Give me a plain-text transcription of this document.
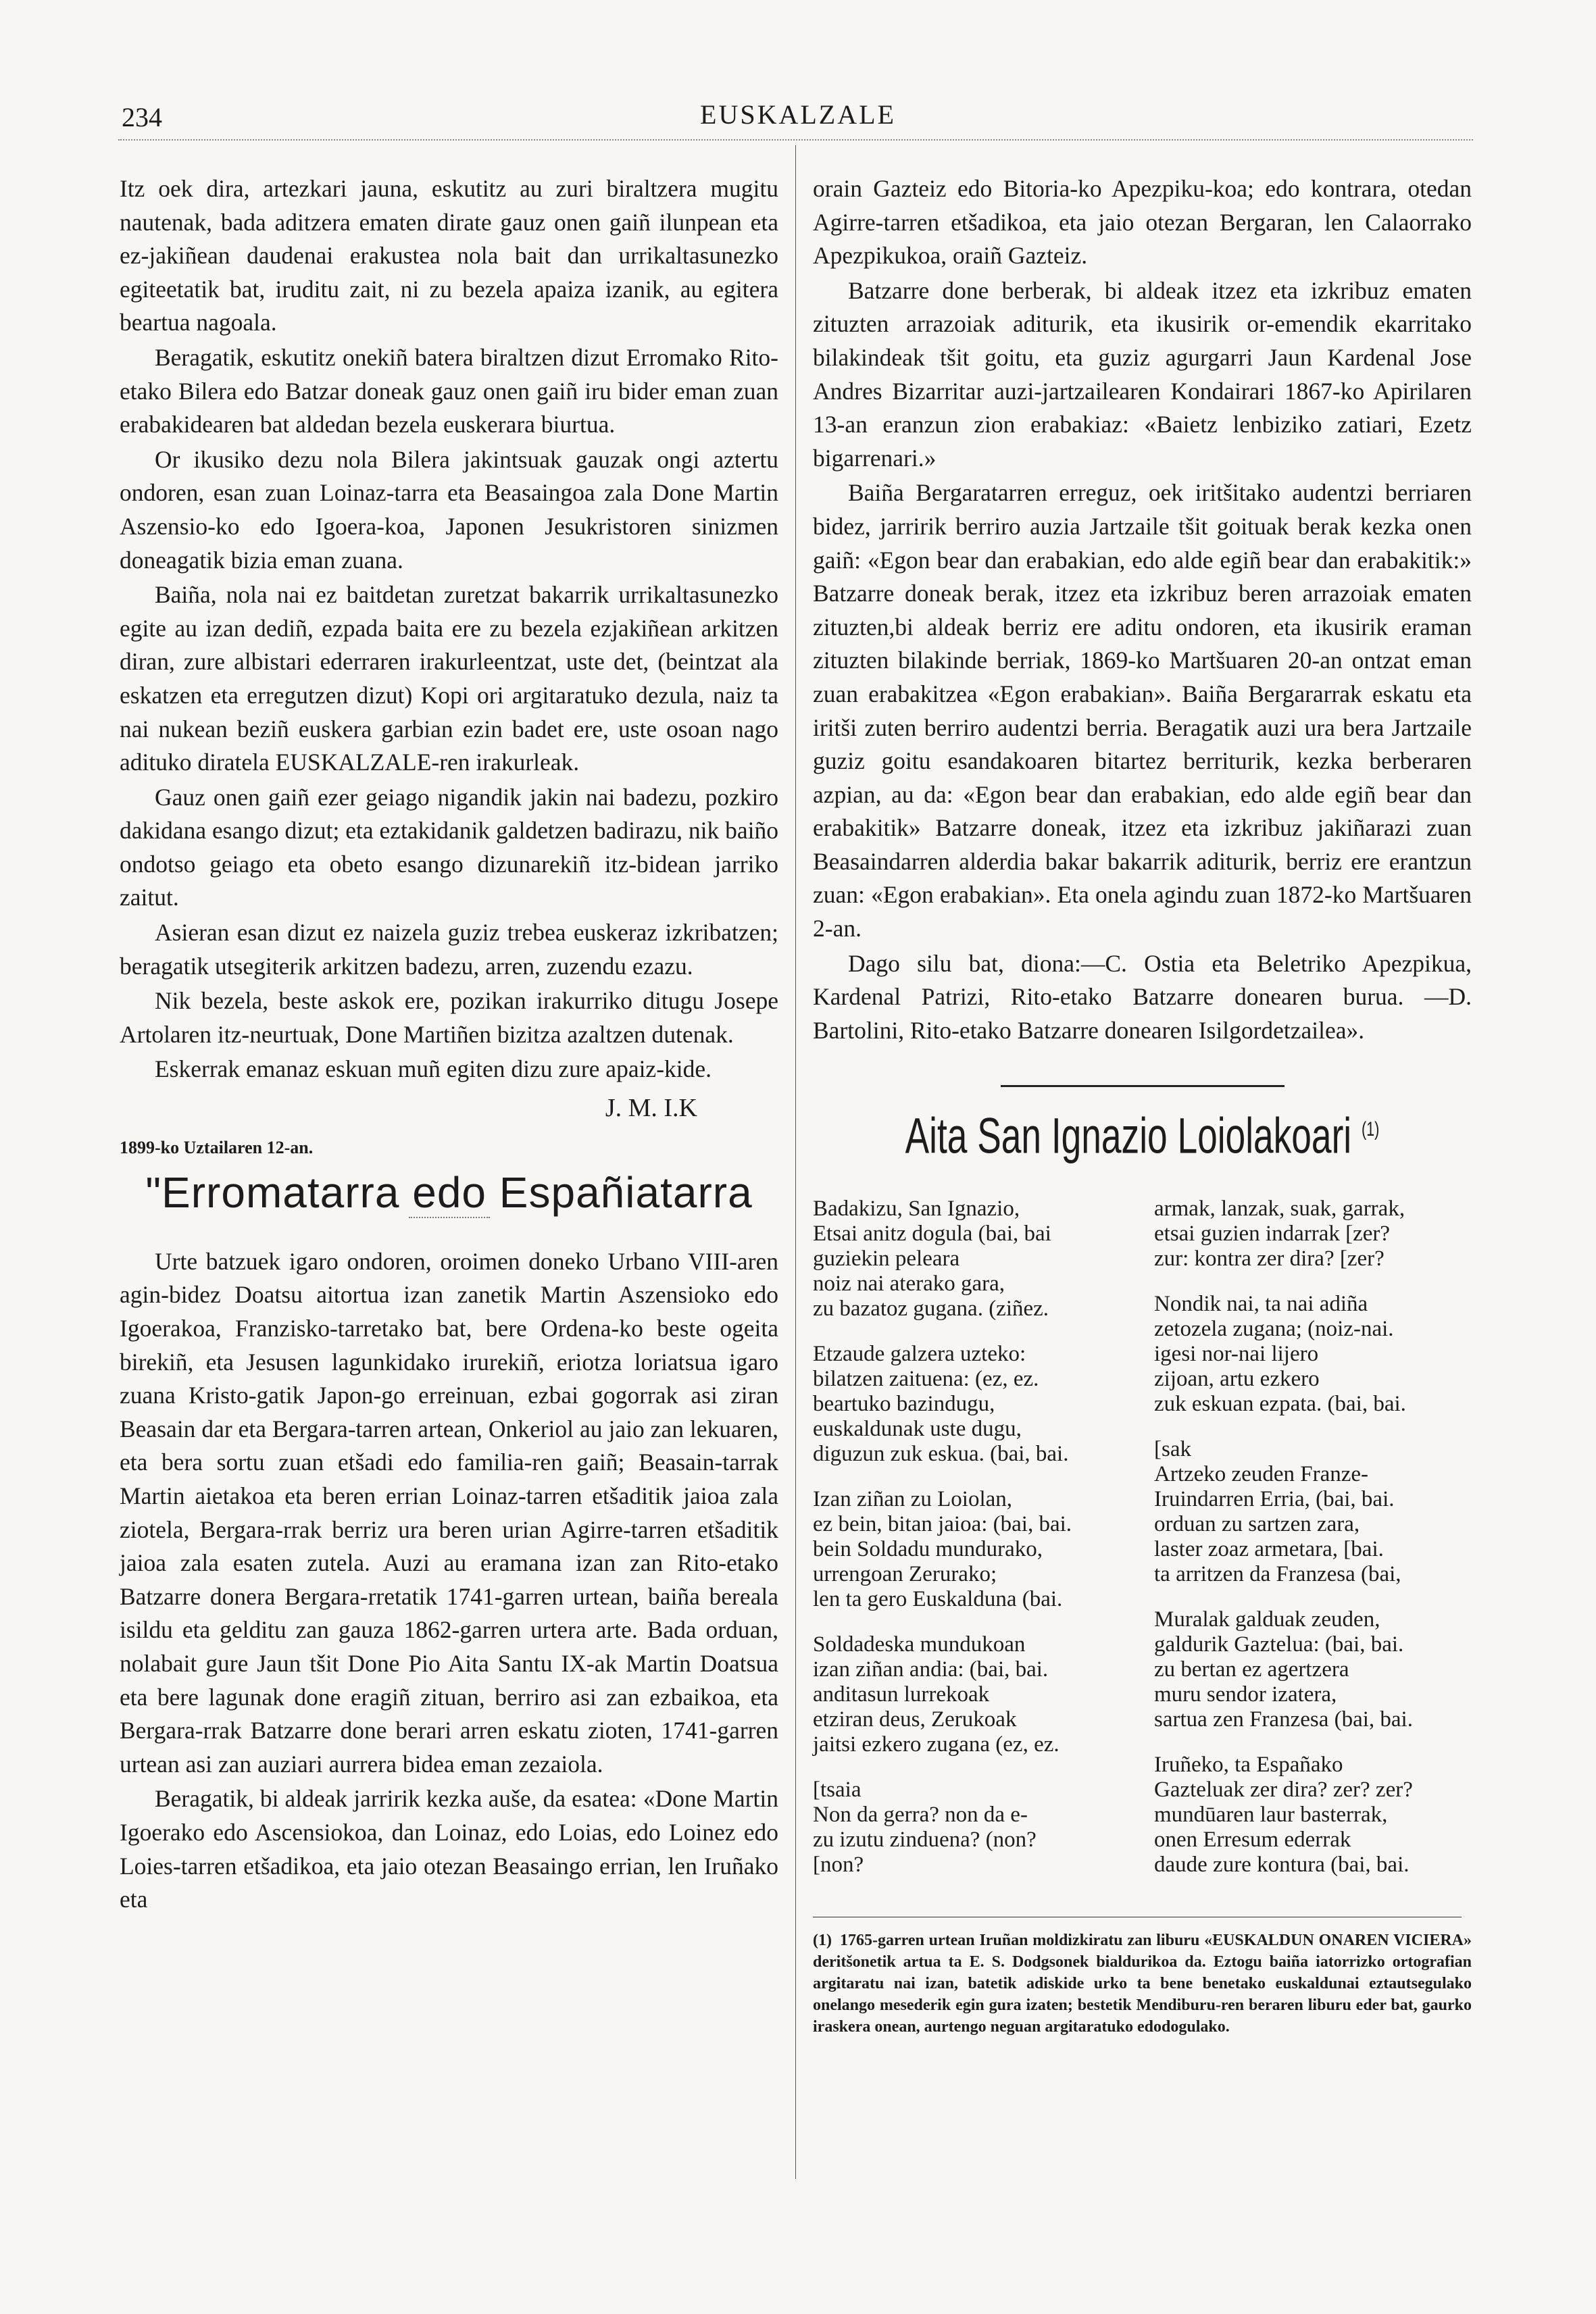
234	EUSKALZALE

Itz oek dira, artezkari jauna, eskutitz au zuri biraltzera mugitu nautenak, bada aditzera ematen dirate gauz onen gaiñ ilunpean eta ez-jakiñean daudenai erakustea nola bait dan urrikaltasunezko egiteetatik bat, iruditu zait, ni zu bezela apaiza izanik, au egitera beartua nagoala.

Beragatik, eskutitz onekiñ batera biraltzen dizut Erromako Rito-etako Bilera edo Batzar doneak gauz onen gaiñ iru bider eman zuan erabakidearen bat aldedan bezela euskerara biurtua.

Or ikusiko dezu nola Bilera jakintsuak gauzak ongi aztertu ondoren, esan zuan Loinaz-tarra eta Beasaingoa zala Done Martin Aszensio-ko edo Igoera-koa, Japonen Jesukristoren sinizmen doneagatik bizia eman zuana.

Baiña, nola nai ez baitdetan zuretzat bakarrik urrikaltasunezko egite au izan dediñ, ezpada baita ere zu bezela ezjakiñean arkitzen diran, zure albistari ederraren irakurleentzat, uste det, (beintzat ala eskatzen eta erregutzen dizut) Kopi ori argitaratuko dezula, naiz ta nai nukean beziñ euskera garbian ezin badet ere, uste osoan nago adituko diratela EUSKALZALE-ren irakurleak.

Gauz onen gaiñ ezer geiago nigandik jakin nai badezu, pozkiro dakidana esango dizut; eta eztakidanik galdetzen badirazu, nik baiño ondotso geiago eta obeto esango dizunarekiñ itz-bidean jarriko zaitut.

Asieran esan dizut ez naizela guziz trebea euskeraz izkribatzen; beragatik utsegiterik arkitzen badezu, arren, zuzendu ezazu.

Nik bezela, beste askok ere, pozikan irakurriko ditugu Josepe Artolaren itz-neurtuak, Done Martiñen bizitza azaltzen dutenak.

Eskerrak emanaz eskuan muñ egiten dizu zure apaiz-kide.

J. M. I.K
1899-ko Uztailaren 12-an.
"Erromatarra edo Españiatarra

Urte batzuek igaro ondoren, oroimen doneko Urbano VIII-aren agin-bidez Doatsu aitortua izan zanetik Martin Aszensioko edo Igoerakoa, Franzisko-tarretako bat, bere Ordena-ko beste ogeita birekiñ, eta Jesusen lagunkidako irurekiñ, eriotza loriatsua igaro zuana Kristo-gatik Japon-go erreinuan, ezbai gogorrak asi ziran Beasain dar eta Bergara-tarren artean, Onkeriol au jaio zan lekuaren, eta bera sortu zuan etšadi edo familia-ren gaiñ; Beasain-tarrak Martin aietakoa eta beren errian Loinaz-tarren etšaditik jaioa zala ziotela, Bergara-rrak berriz ura beren urian Agirre-tarren etšaditik jaioa zala esaten zutela. Auzi au eramana izan zan Rito-etako Batzarre donera Bergara-rretatik 1741-garren urtean, baiña bereala isildu eta gelditu zan gauza 1862-garren urtera arte. Bada orduan, nolabait gure Jaun tšit Done Pio Aita Santu IX-ak Martin Doatsua eta bere lagunak done eragiñ zituan, berriro asi zan ezbaikoa, eta Bergara-rrak Batzarre done berari arren eskatu zioten, 1741-garren urtean asi zan auziari aurrera bidea eman zezaiola.

Beragatik, bi aldeak jarririk kezka auše, da esatea: «Done Martin Igoerako edo Ascensiokoa, dan Loinaz, edo Loias, edo Loinez edo Loies-tarren etšadikoa, eta jaio otezan Beasaingo errian, len Iruñako eta

orain Gazteiz edo Bitoria-ko Apezpiku-koa; edo kontrara, otedan Agirre-tarren etšadikoa, eta jaio otezan Bergaran, len Calaorrako Apezpikukoa, oraiñ Gazteiz.

Batzarre done berberak, bi aldeak itzez eta izkribuz ematen zituzten arrazoiak aditurik, eta ikusirik or-emendik ekarritako bilakindeak tšit goitu, eta guziz agurgarri Jaun Kardenal Jose Andres Bizarritar auzi-jartzailearen Kondairari 1867-ko Apirilaren 13-an eranzun zion erabakiaz: «Baietz lenbiziko zatiari, Ezetz bigarrenari.»

Baiña Bergaratarren erreguz, oek iritšitako audentzi berriaren bidez, jarririk berriro auzia Jartzaile tšit goituak berak kezka onen gaiñ: «Egon bear dan erabakian, edo alde egiñ bear dan erabakitik:» Batzarre doneak berak, itzez eta izkribuz beren arrazoiak ematen zituzten,bi aldeak berriz ere aditu ondoren, eta ikusirik eraman zituzten bilakinde berriak, 1869-ko Martšuaren 20-an ontzat eman zuan erabakitzea «Egon erabakian». Baiña Bergararrak eskatu eta iritši zuten berriro audentzi berria. Beragatik auzi ura bera Jartzaile guziz goitu esandakoaren bitartez berriturik, kezka berberaren azpian, au da: «Egon bear dan erabakian, edo alde egiñ bear dan erabakitik» Batzarre doneak, itzez eta izkribuz jakiñarazi zuan Beasaindarren alderdia bakar bakarrik aditurik, berriz ere erantzun zuan: «Egon erabakian». Eta onela agindu zuan 1872-ko Martšuaren 2-an.

Dago silu bat, diona:—C. Ostia eta Beletriko Apezpikua, Kardenal Patrizi, Rito-etako Batzarre donearen burua. —D. Bartolini, Rito-etako Batzarre donearen Isilgordetzailea».

Aita San Ignazio Loiolakoari $^{(1)}$
Badakizu, San Ignazio,
Etsai anitz dogula (bai, bai
guziekin peleara
noiz nai aterako gara,
zu bazatoz gugana. (ziñez.
Etzaude galzera uzteko:
bilatzen zaituena: (ez, ez.
beartuko bazindugu,
euskaldunak uste dugu,
diguzun zuk eskua. (bai, bai.
Izan ziñan zu Loiolan,
ez bein, bitan jaioa: (bai, bai.
bein Soldadu mundurako,
urrengoan Zerurako;
len ta gero Euskalduna (bai.
Soldadeska mundukoan
izan ziñan andia: (bai, bai.
anditasun lurrekoak
etziran deus, Zerukoak
jaitsi ezkero zugana (ez, ez.
[tsaia
Non da gerra? non da e-
zu izutu zinduena? (non?
[non?
armak, lanzak, suak, garrak,
etsai guzien indarrak [zer?
zur: kontra zer dira? [zer?
Nondik nai, ta nai adiña
zetozela zugana; (noiz-nai.
igesi nor-nai lijero
zijoan, artu ezkero
zuk eskuan ezpata. (bai, bai.
[sak
Artzeko zeuden Franze-
Iruindarren Erria, (bai, bai.
orduan zu sartzen zara,
laster zoaz armetara, [bai.
ta arritzen da Franzesa (bai,
Muralak galduak zeuden,
galdurik Gaztelua: (bai, bai.
zu bertan ez agertzera
muru sendor izatera,
sartua zen Franzesa (bai, bai.
Iruñeko, ta Españako
Gazteluak zer dira? zer? zer?
mundūaren laur basterrak,
onen Erresum ederrak
daude zure kontura (bai, bai.
(1) 1765-garren urtean Iruñan moldizkiratu zan liburu «EUSKALDUN ONAREN VICIERA» deritšonetik artua ta E. S. Dodgsonek bialdurikoa da. Eztogu baiña iatorrizko ortografian argitaratu nai izan, batetik adiskide urko ta bene benetako euskaldunai eztautsegulako onelango mesederik egin gura izaten; bestetik Mendiburu-ren beraren liburu eder bat, gaurko iraskera onean, aurtengo neguan argitaratuko edodogulako.
